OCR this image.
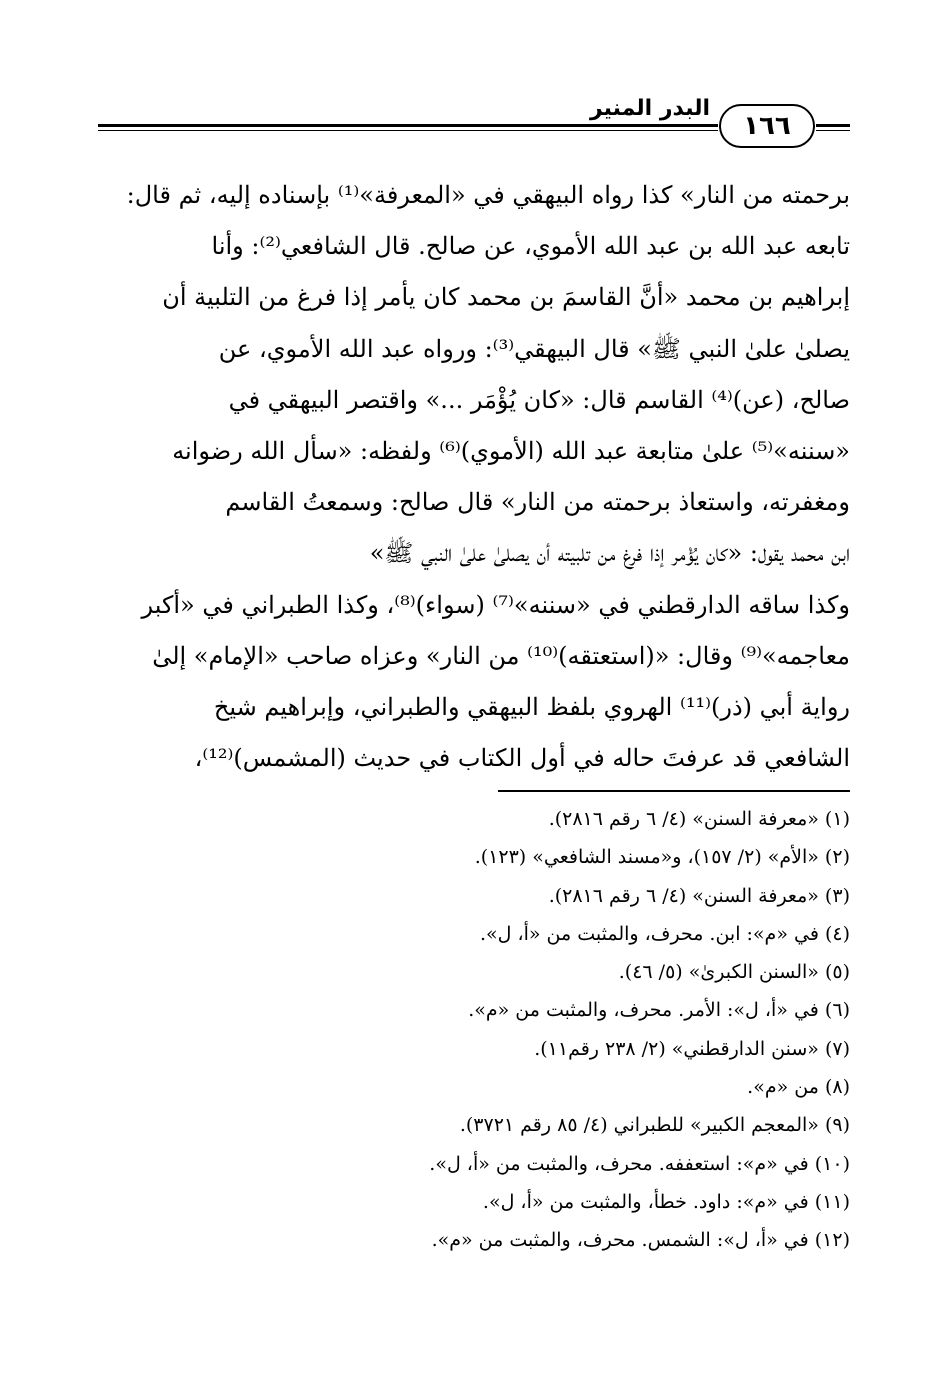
البدر المنير
١٦٦
برحمته من النار» كذا رواه البيهقي في «المعرفة»⁽¹⁾ بإسناده إليه، ثم قال:
تابعه عبد الله بن عبد الله الأموي، عن صالح. قال الشافعي⁽²⁾: وأنا
إبراهيم بن محمد «أنَّ القاسمَ بن محمد كان يأمر إذا فرغ من التلبية أن
يصلىٰ علىٰ النبي ﷺ» قال البيهقي⁽³⁾: ورواه عبد الله الأموي، عن
صالح، (عن)⁽⁴⁾ القاسم قال: «كان يُؤْمَر ...» واقتصر البيهقي في
«سننه»⁽⁵⁾ علىٰ متابعة عبد الله (الأموي)⁽⁶⁾ ولفظه: «سأل الله رضوانه
ومغفرته، واستعاذ برحمته من النار» قال صالح: وسمعتُ القاسم
ابن محمد يقول: «كان يُؤْمر إذا فرغ من تلبيته أن يصلىٰ علىٰ النبي ﷺ»
وكذا ساقه الدارقطني في «سننه»⁽⁷⁾ (سواء)⁽⁸⁾، وكذا الطبراني في «أكبر
معاجمه»⁽⁹⁾ وقال: «(استعتقه)⁽¹⁰⁾ من النار» وعزاه صاحب «الإمام» إلىٰ
رواية أبي (ذر)⁽¹¹⁾ الهروي بلفظ البيهقي والطبراني، وإبراهيم شيخ
الشافعي قد عرفتَ حاله في أول الكتاب في حديث (المشمس)⁽¹²⁾،
(١) «معرفة السنن» (٤/ ٦ رقم ٢٨١٦).
(٢) «الأم» (٢/ ١٥٧)، و«مسند الشافعي» (١٢٣).
(٣) «معرفة السنن» (٤/ ٦ رقم ٢٨١٦).
(٤) في «م»: ابن. محرف، والمثبت من «أ، ل».
(٥) «السنن الكبرىٰ» (٥/ ٤٦).
(٦) في «أ، ل»: الأمر. محرف، والمثبت من «م».
(٧) «سنن الدارقطني» (٢/ ٢٣٨ رقم١١).
(٨) من «م».
(٩) «المعجم الكبير» للطبراني (٤/ ٨٥ رقم ٣٧٢١).
(١٠) في «م»: استعففه. محرف، والمثبت من «أ، ل».
(١١) في «م»: داود. خطأ، والمثبت من «أ، ل».
(١٢) في «أ، ل»: الشمس. محرف، والمثبت من «م».
